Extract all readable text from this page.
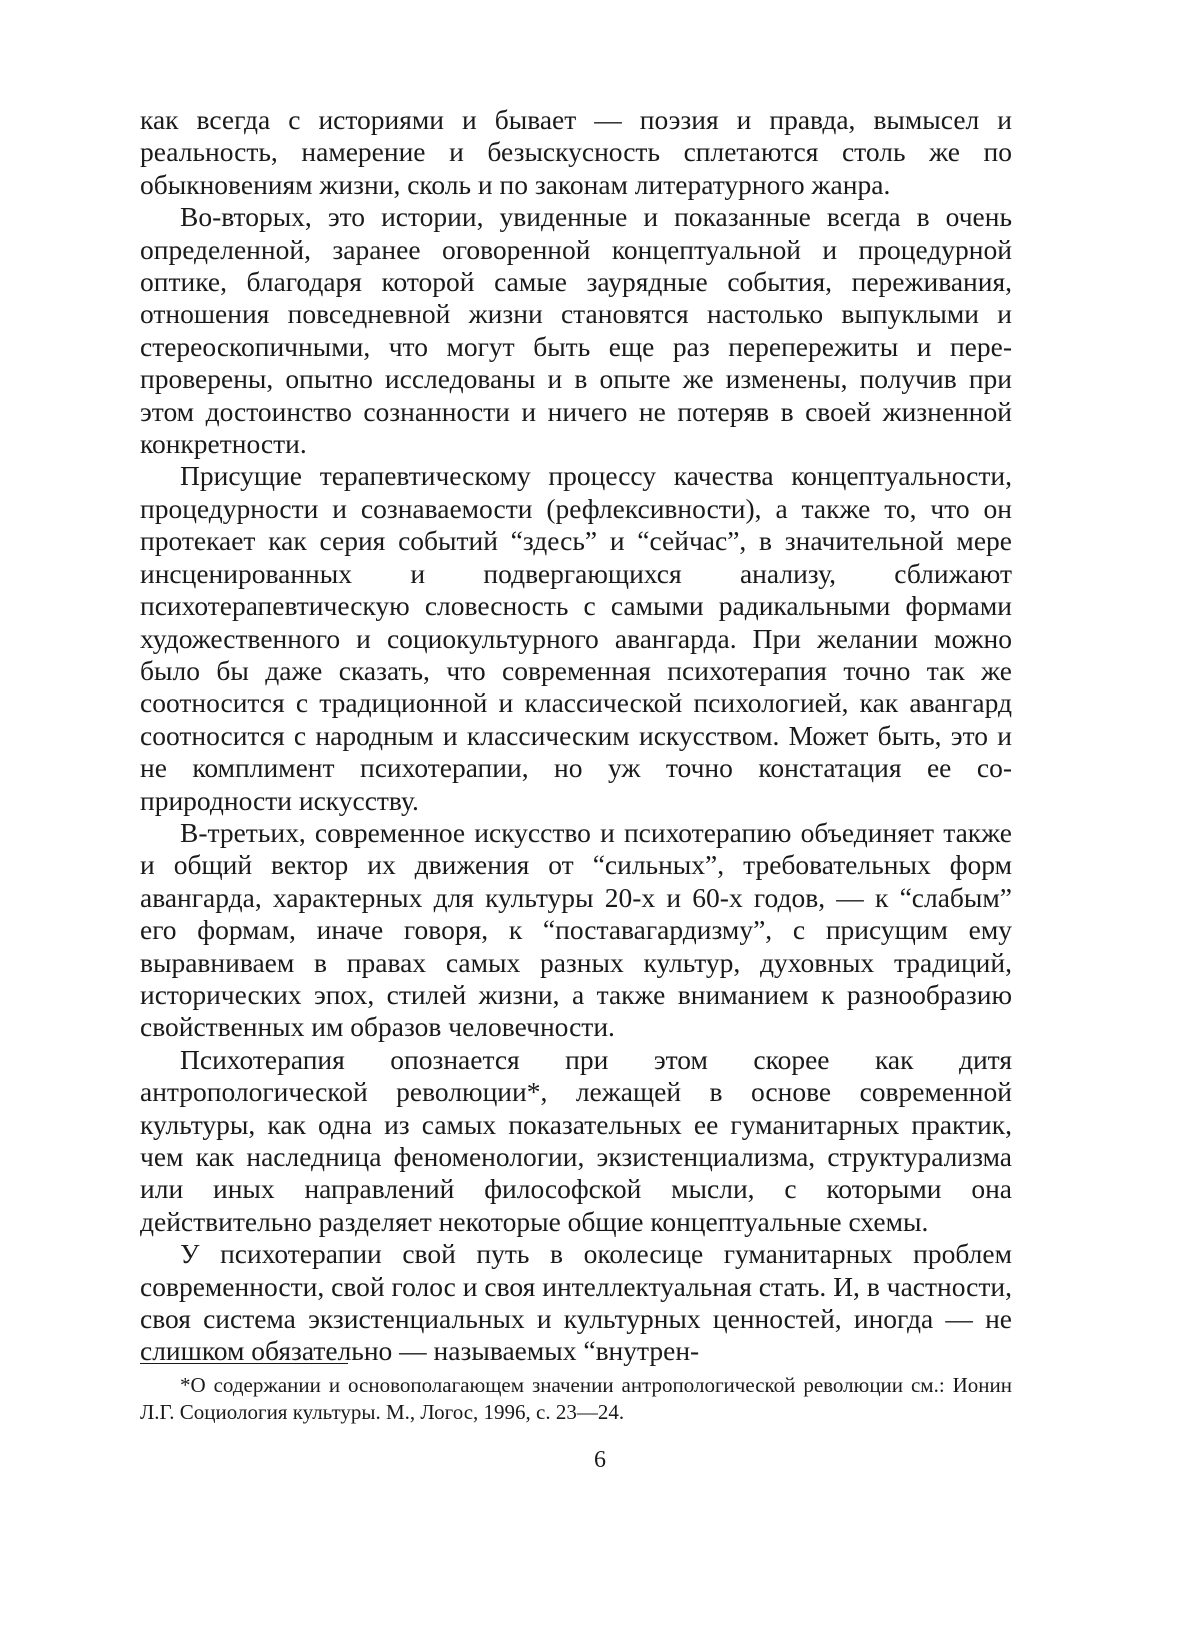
как всегда с историями и бывает — поэзия и правда, вымысел и реальность, намерение и безыскусность сплетаются столь же по обыкновениям жизни, сколь и по законам литературного жанра.

Во-вторых, это истории, увиденные и показанные всегда в очень определенной, заранее оговоренной концептуальной и процедурной оптике, благодаря которой самые заурядные события, переживания, отношения повседневной жизни становятся настолько выпуклыми и стереоскопичными, что могут быть еще раз перепережиты и пере-проверены, опытно исследованы и в опыте же изменены, получив при этом достоинство сознанности и ничего не потеряв в своей жизненной конкретности.

Присущие терапевтическому процессу качества концептуальности, процедурности и сознаваемости (рефлексивности), а также то, что он протекает как серия событий “здесь” и “сейчас”, в значительной мере инсценированных и подвергающихся анализу, сближают психотерапевтическую словесность с самыми радикальными формами художественного и социокультурного авангарда. При желании можно было бы даже сказать, что современная психотерапия точно так же соотносится с традиционной и классической психологией, как авангард соотносится с народным и классическим искусством. Может быть, это и не комплимент психотерапии, но уж точно констатация ее со-природности искусству.

В-третьих, современное искусство и психотерапию объединяет также и общий вектор их движения от “сильных”, требовательных форм авангарда, характерных для культуры 20-х и 60-х годов, — к “слабым” его формам, иначе говоря, к “поставагардизму”, с присущим ему выравниваем в правах самых разных культур, духовных традиций, исторических эпох, стилей жизни, а также вниманием к разнообразию свойственных им образов человечности.

Психотерапия опознается при этом скорее как дитя антропологической революции*, лежащей в основе современной культуры, как одна из самых показательных ее гуманитарных практик, чем как наследница феноменологии, экзистенциализма, структурализма или иных направлений философской мысли, с которыми она действительно разделяет некоторые общие концептуальные схемы.

У психотерапии свой путь в околесице гуманитарных проблем современности, свой голос и своя интеллектуальная стать. И, в частности, своя система экзистенциальных и культурных ценностей, иногда — не слишком обязательно — называемых “внутрен-

*О содержании и основополагающем значении антропологической революции см.: Ионин Л.Г. Социология культуры. М., Логос, 1996, с. 23—24.

6
